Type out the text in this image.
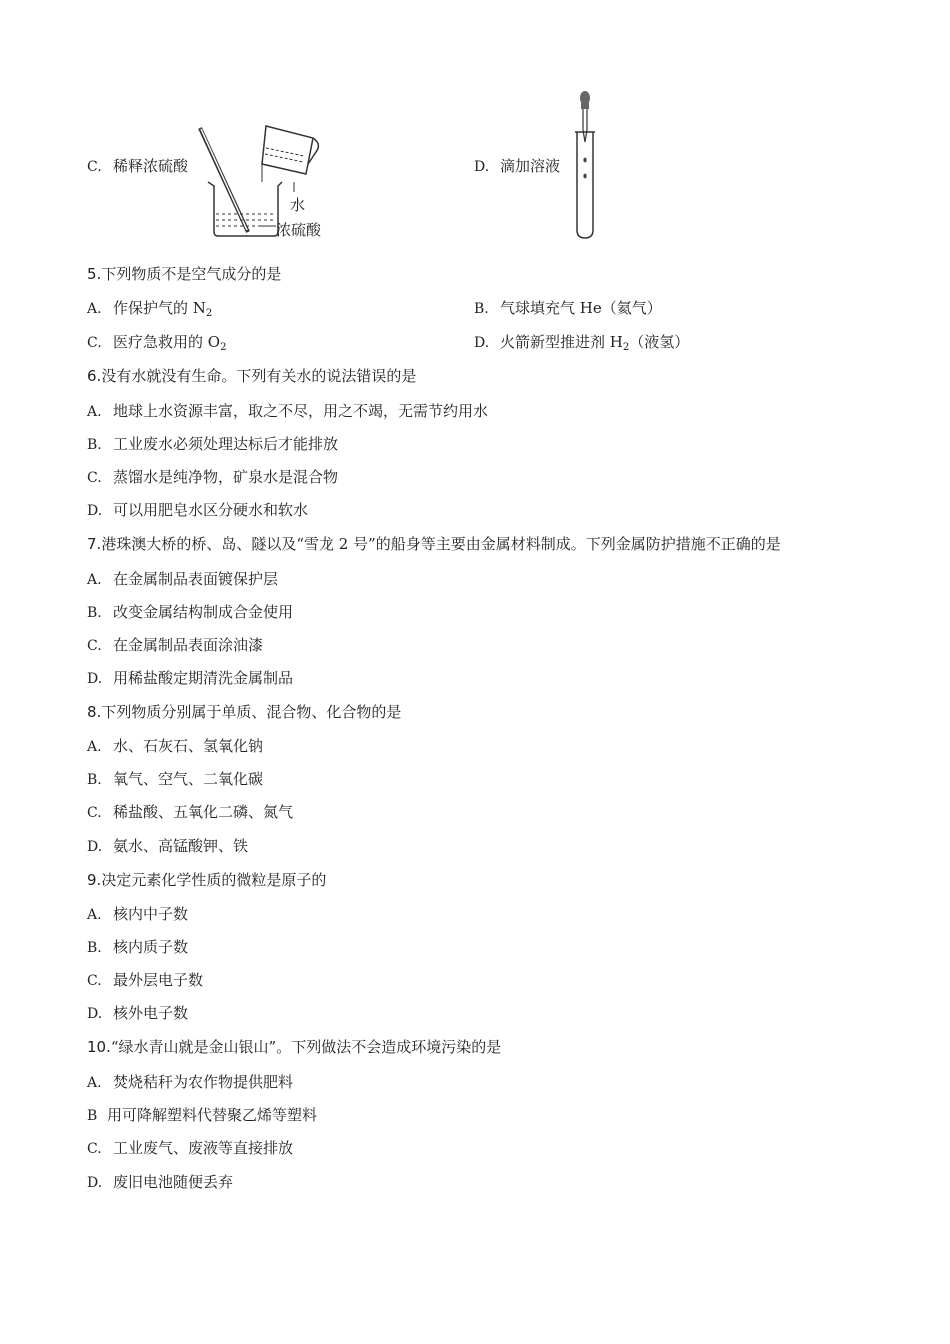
C. 稀释浓硫酸
水
浓硫酸
D. 滴加溶液
5.下列物质不是空气成分的是
A. 作保护气的 $N_2$	B. 气球填充气 He（氦气）
C. 医疗急救用的 $O_2$	D. 火箭新型推进剂 $H_2$（液氢）
6.没有水就没有生命。下列有关水的说法错误的是
A. 地球上水资源丰富，取之不尽，用之不竭，无需节约用水
B. 工业废水必须处理达标后才能排放
C. 蒸馏水是纯净物，矿泉水是混合物
D. 可以用肥皂水区分硬水和软水
7.港珠澳大桥的桥、岛、隧以及“雪龙 2 号”的船身等主要由金属材料制成。下列金属防护措施不正确的是
A. 在金属制品表面镀保护层
B. 改变金属结构制成合金使用
C. 在金属制品表面涂油漆
D. 用稀盐酸定期清洗金属制品
8.下列物质分别属于单质、混合物、化合物的是
A. 水、石灰石、氢氧化钠
B. 氧气、空气、二氧化碳
C. 稀盐酸、五氧化二磷、氮气
D. 氨水、高锰酸钾、铁
9.决定元素化学性质的微粒是原子的
A. 核内中子数
B. 核内质子数
C. 最外层电子数
D. 核外电子数
10.“绿水青山就是金山银山”。下列做法不会造成环境污染的是
A. 焚烧秸秆为农作物提供肥料
B 用可降解塑料代替聚乙烯等塑料
C. 工业废气、废液等直接排放
D. 废旧电池随便丢弃
